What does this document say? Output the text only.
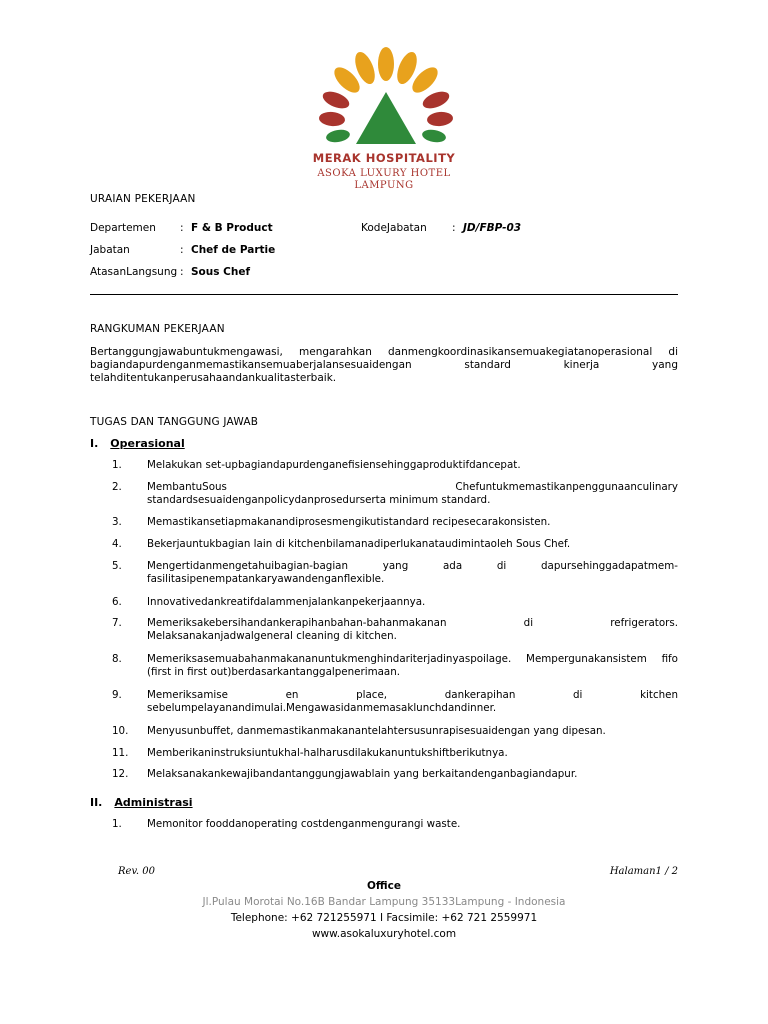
MERAK HOSPITALITY
ASOKA LUXURY HOTEL
LAMPUNG
URAIAN PEKERJAAN
Departemen : F & B Product	KodeJabatan : JD/FBP-03
Jabatan	: Chef de Partie
AtasanLangsung : Sous Chef
RANGKUMAN PEKERJAAN
Bertanggungjawabuntukmengawasi, mengarahkan danmengkoordinasikansemuakegiatanoperasional di bagiandapurdenganmemastikansemuaberjalansesuaidengan standard kinerja yang telahditentukanperusahaandankualitasterbaik.
TUGAS DAN TANGGUNG JAWAB
I. Operasional
1.	Melakukan set-upbagiandapurdenganefisiensehinggaproduktifdancepat.
2.	MembantuSous Chefuntukmemastikanpenggunaanculinary standardsesuaidenganpolicydanprosedurserta minimum standard.
3.	Memastikansetiapmakanandiprosesmengikutistandard recipesecarakonsisten.
4.	Bekerjauntukbagian lain di kitchenbilamanadiperlukanataudimintaoleh Sous Chef.
5.	Mengertidanmengetahuibagian-bagian yang ada di dapursehinggadapatmem-fasilitasipenempatankaryawandenganflexible.
6.	Innovativedankreatifdalammenjalankanpekerjaannya.
7.	Memeriksakebersihandankerapihanbahan-bahanmakanan di refrigerators. Melaksanakanjadwalgeneral cleaning di kitchen.
8.	Memeriksasemuabahanmakananuntukmenghindariterjadinyaspoilage. Mempergunakansistem fifo (first in first out)berdasarkantanggalpenerimaan.
9.	Memeriksamise en place, dankerapihan di kitchen sebelumpelayanandimulai.Mengawasidanmemasaklunchdandinner.
10.	Menyusunbuffet, danmemastikanmakanantelahtersusunrapisesuaidengan yang dipesan.
11.	Memberikaninstruksiuntukhal-halharusdilakukanuntukshiftberikutnya.
12.	Melaksanakankewajibandantanggungjawablain yang berkaitandenganbagiandapur.
II. Administrasi
1.	Memonitor fooddanoperating costdenganmengurangi waste.
Rev. 00	Halaman1 / 2
Office
Jl.Pulau Morotai No.16B Bandar Lampung 35133Lampung - Indonesia
Telephone: +62 721255971 I Facsimile: +62 721 2559971
www.asokaluxuryhotel.com
